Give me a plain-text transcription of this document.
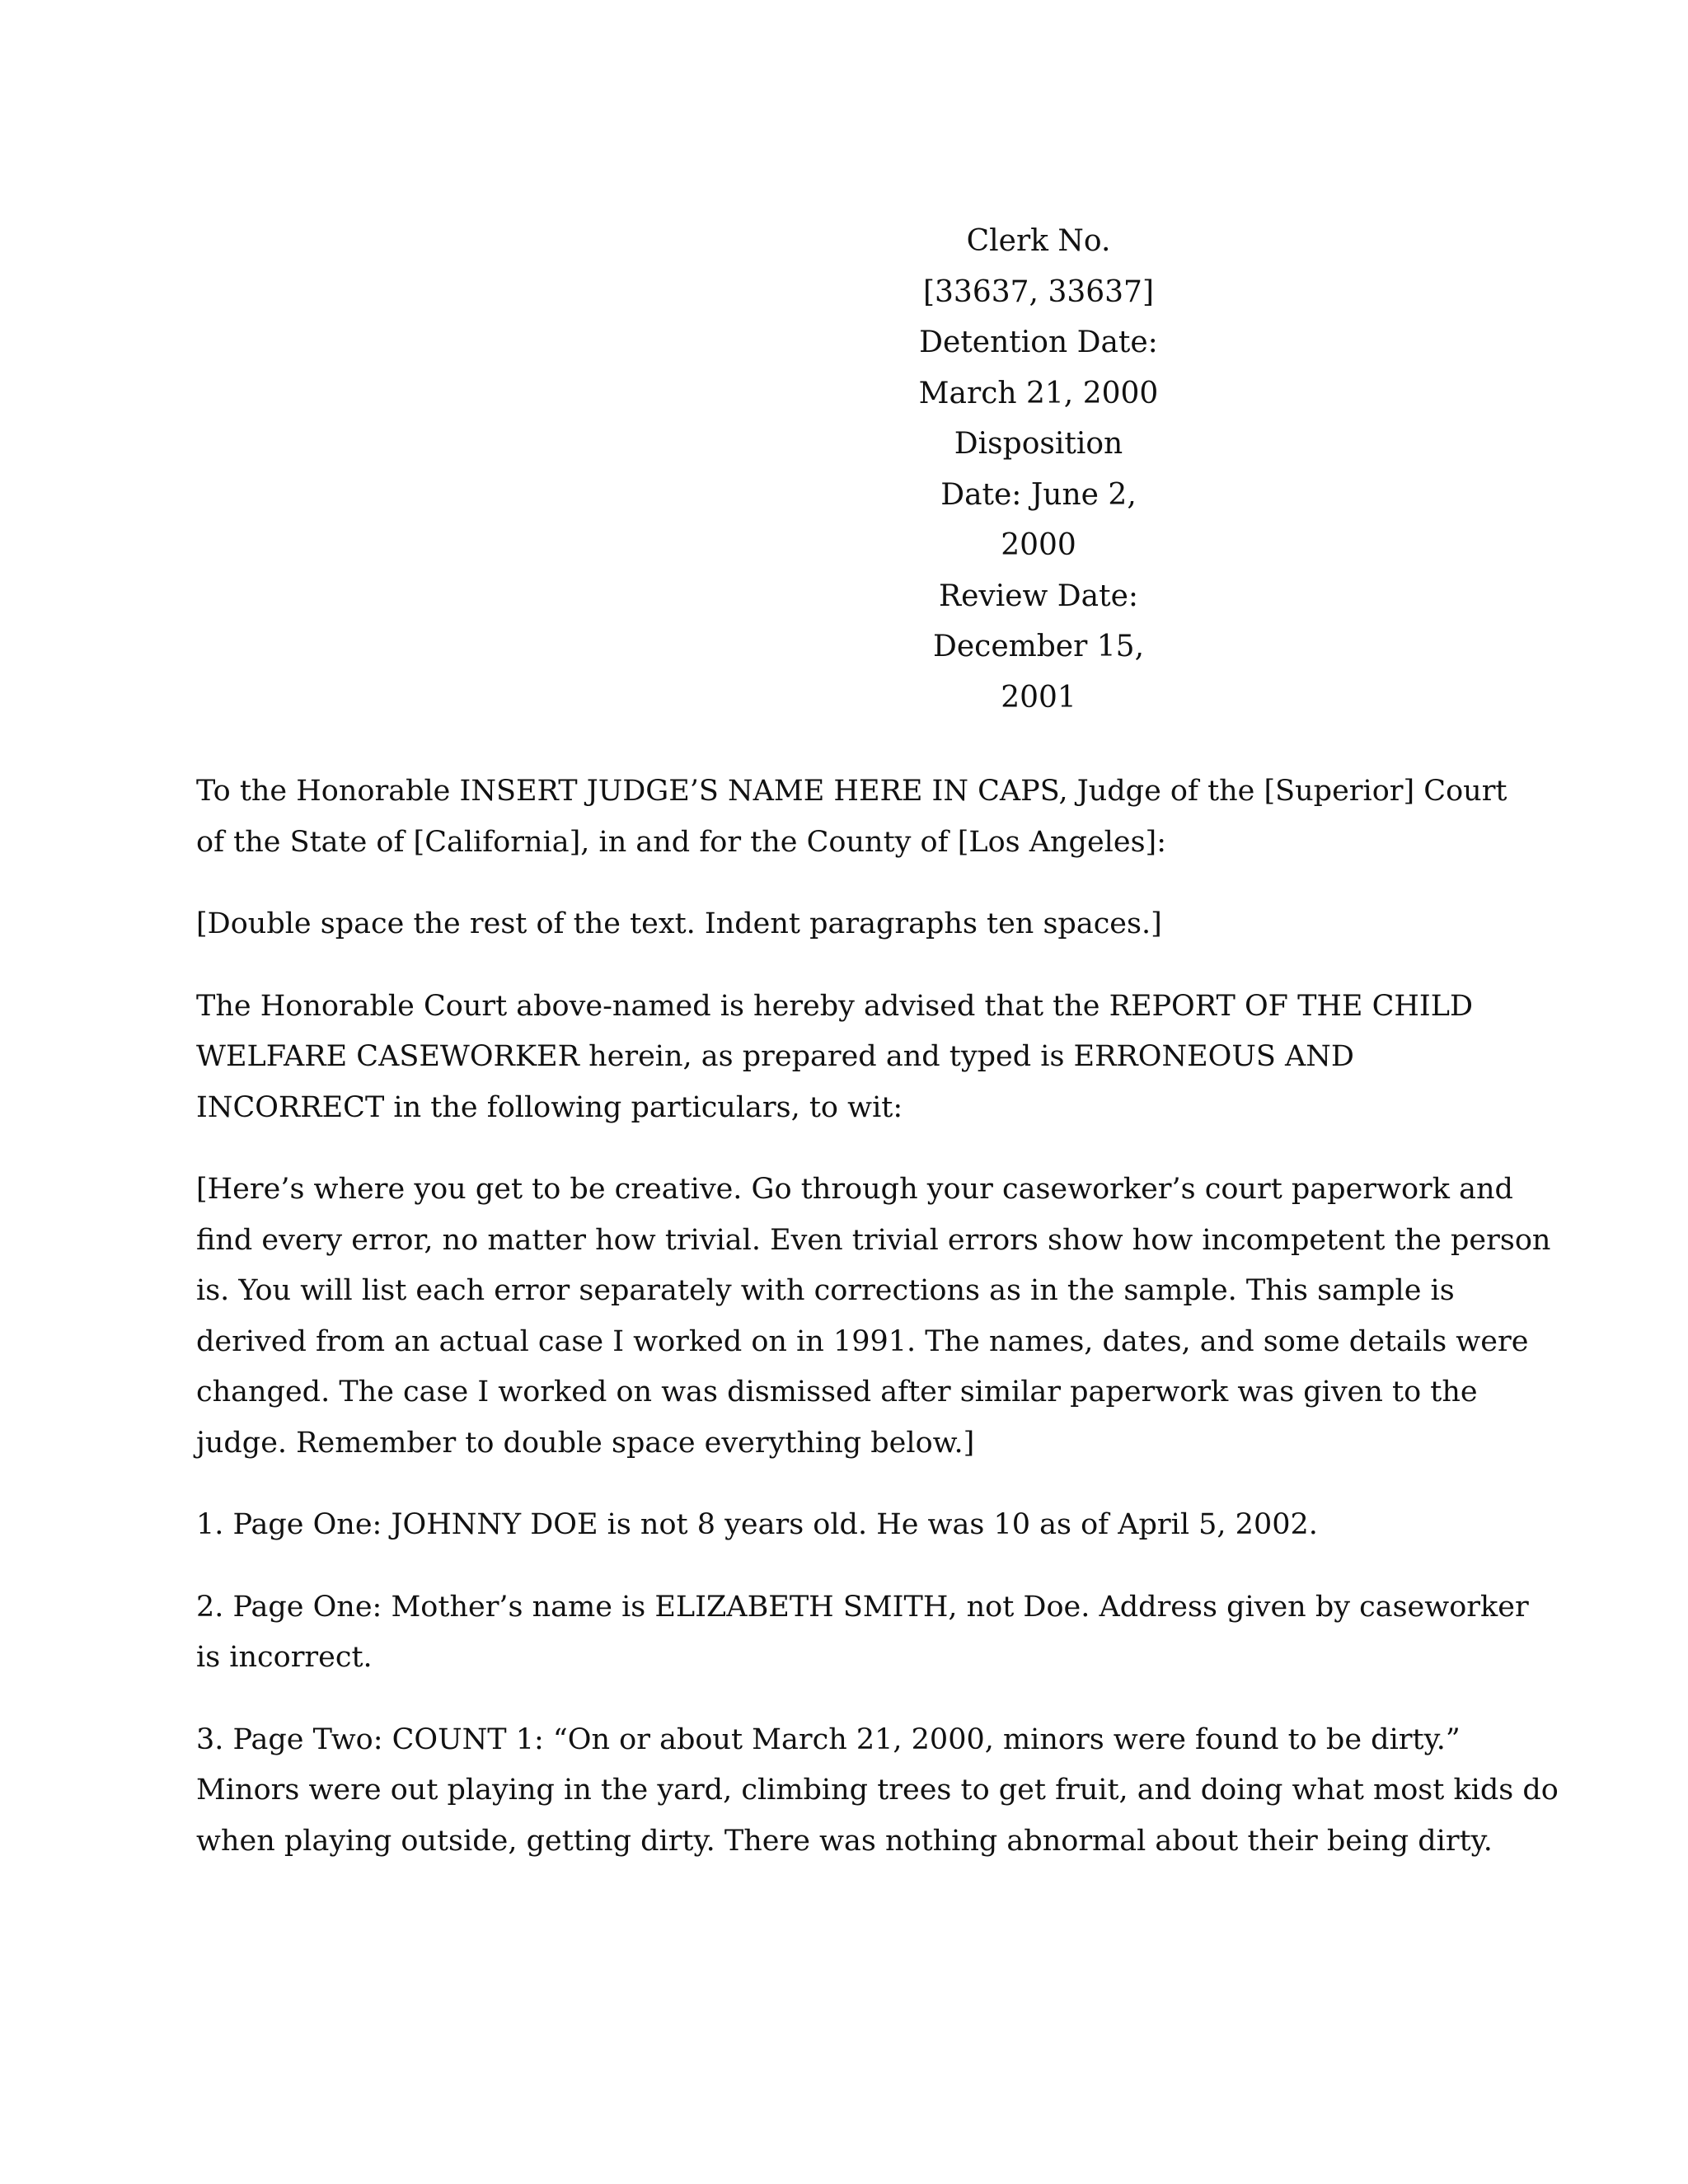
Clerk No.
[33637, 33637]
Detention Date:
March 21, 2000
Disposition
Date: June 2,
2000
Review Date:
December 15,
2001

To the Honorable INSERT JUDGE’S NAME HERE IN CAPS, Judge of the [Superior] Court
of the State of [California], in and for the County of [Los Angeles]:

[Double space the rest of the text. Indent paragraphs ten spaces.]

The Honorable Court above-named is hereby advised that the REPORT OF THE CHILD
WELFARE CASEWORKER herein, as prepared and typed is ERRONEOUS AND
INCORRECT in the following particulars, to wit:

[Here’s where you get to be creative. Go through your caseworker’s court paperwork and
find every error, no matter how trivial. Even trivial errors show how incompetent the person
is. You will list each error separately with corrections as in the sample. This sample is
derived from an actual case I worked on in 1991. The names, dates, and some details were
changed. The case I worked on was dismissed after similar paperwork was given to the
judge. Remember to double space everything below.]

1. Page One: JOHNNY DOE is not 8 years old. He was 10 as of April 5, 2002.

2. Page One: Mother’s name is ELIZABETH SMITH, not Doe. Address given by caseworker
is incorrect.

3. Page Two: COUNT 1: “On or about March 21, 2000, minors were found to be dirty.”
Minors were out playing in the yard, climbing trees to get fruit, and doing what most kids do
when playing outside, getting dirty. There was nothing abnormal about their being dirty.
